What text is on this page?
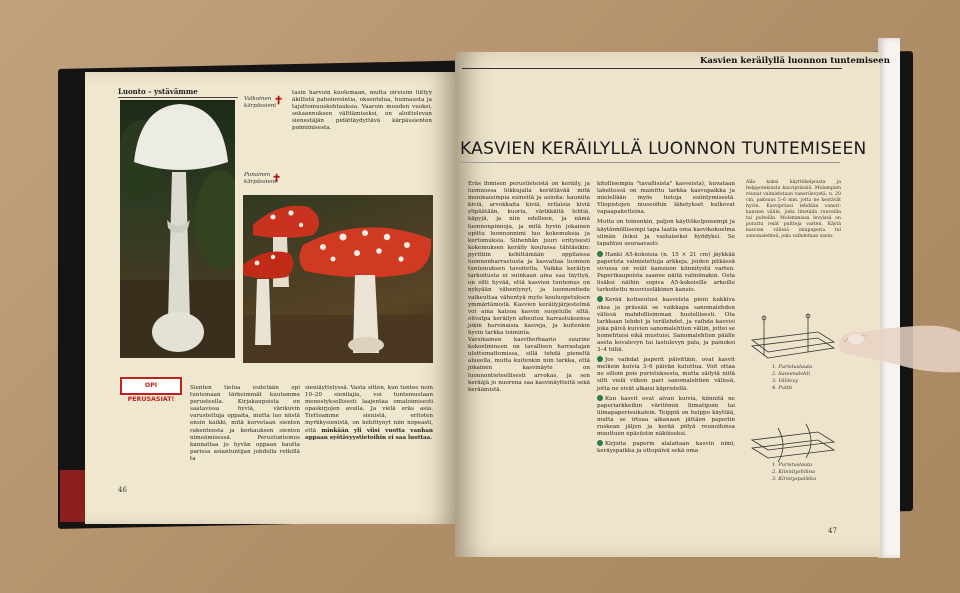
Luonto – ystävämme
Valkoinen kärpässieni
✝
tasin harvoin kuolemaan, mutta oireisiin liittyy äkillistä pahoinvointia, oksentelua, huimausta ja tajuttomuuskohtauksia. Vaaroin muuden vuoksi, sekaannuksen välttämiseksi, on aloittelevan sienestäjän pidättäydyttävä kärpässienten poimimisesta.
Punainen kärpässieni
✝
OPI PERUSASIAT!
Sienten tietoa esitetään opi tuntemaan tärkeimmät kuutamme perusteella. Kirjakaupoista on saatavissa hyviä, värikuvin varustettuja oppaita, mutta luo niistä ensin kaikki, mitä korvetaan sienten rakenteesta ja kerkauksen sienten nimeämisessä. Perustuntemus kannattaa jo hyvän oppaan kautta parissa asiantuntijan johdolla retkillä ta
sieniäyttelyssä. Vasta sitten, kun tuntee noin 10–20 sienilajia, voi tuntemustaan menestyksellisesti laajentaa omatoimisesti opaskirjojen avulla. Ja vielä eräs asia. Tiettoamme sienistä, eritoten myrkkysienistä, on kehittynyt niin nopeasti, että minkään yli viisi vuotta vanhan oppaan syötävyystietoihin ei saa luottaa.
46
Kasvien keräilyllä luonnon tuntemiseen
KASVIEN KERÄILYLLÄ LUONNON TUNTEMISEEN
Eräs ihmisen perustieteistä on keräily, ja luonnossa liikkujalla kerättävää mitä moninaisimpia esineitä ja asioita: kauniita kiviä, arvokkaita kiviä, erilaisia kiviä ylipäätään, kuoria, värikkäitä lehtiä, käpyjä, ja niin edelleen, ja nämä luonnonpinnoja, ja mitä hyvin jokainen opittu luonnonnimi luo kokemuksia ja kertomuksia. Siihenhän juuri erityisesti kokemuksen keräily koulussa tähtäsikin: pyrittiin kehittämään oppilaissa luonnonharrastusta ja kasvattaa luonnon tuntemuksen tavoitetta. Vaikka keräilyn tarkoitusta ei suinkaan aina saa täyttyä, on silti hyvää, että kasvien tuntemus on nykyään vähentynyt, ja luonnontiede vaikeuttaa vähentyä myös kouluopetuksen ymmärtämistä. Kasvien keräilyjärjestelmä voi aina katsoa kasvin suojelulle siltä, olivatpa keräilyn aiheutuu harrastuksensa jokin harvinaisia kasveja, ja kuitenkin hyvin tarkka toiminta.
Varsinainen kasviherbaario suurine kokoelmineen on tavallisen harrastajan ulottumattomissa, sillä tehdä pieneltä alueella, mutta kuitenkin niin tarkka, että jokainen kasvinäyte on luonnontieteellisesti arvokas, ja sen kerääjä jo nuorena saa kasvinäytteitä sekä keräämistä.
kitollisempia "tavallisista" kasveista), kuvataan laheltessä on mainittu tarkka kasvupaikka ja mielellään myös tietoja esiintymisestä. Yliopistojen museoihin lähetykset kulkevat vapaapaketteina.
Mutta on toinenkin, paljon käyttökelpoisempi ja käytännöllisempi tapa laatia oma kasvikokoelma silmän iloksi ja vastaiseksi hyödyksi. Se tapahtuu seuraavasti:
Hanki A5-kokoisia (n. 15 × 21 cm) jäykkää paperista valmistettuja arkkeja, joiden pitkässä sivussa on reiät kansioon kiinnitystä varten. Paperikaupoista saanee näitä valmiinakin. Osta lisäksi näihin sopiva A5-kokoisille arkeille tarkoitettu muoviseläkinen kansio.
Kerää kotiseutusi kasveista pieni kukkiva oksa ja prässää se vaikkapa sanomalehden välissä mahdollisimman huolellisesti. Ota tarkkaan lehdet ja terälehdet, ja vaihda kasvisi joka päivä kuivien sanomalehtien väliin, jottei se homehtuisi eikä mustuisi. Sanomalehtien päälle aseta kovalevyn tai lastulevyn pala, ja painoksi 3–4 tiiliä.
Jos vaihdat paperit päivittäin, ovat kasvit melkein kuivia 3–6 päivän kuluttua. Voit ottaa ne silloin pois puristuksesta, mutta säilytä niitä silti vielä viikon pari sanomalehtien välissä, jotta ne eivät alkaisi käpristellä.
Kun kasvit ovat aivan kuivia, kiinnitä ne paperiarkkeihin väritömin liimatipoin tai liimapaperisuikalein. Teippiä on helppo käyttää, mutta se irtoaa aikanaan jättäen paperiin ruskean jäljen ja kerää pölyä reunoihinsa muuttuen epäsiistin näköiseksi.
Kirjoita paperin alalaitaan kasvin nimi, keräyspaikka ja ottopäivä sekä oma
Alla kaksi käyttökelpoista ja helppotekoista kasviprässiä. Molempien reunat valmistetaan vanerilevystä, n. 20 cm, paksuus 5–6 mm, jotta ne kestävät hyvin. Kasviprässi tehdään vaneri-kansien väliin, joita liitetään ruuveilla tai pulteilla. Molemmissa levyissä on porattu reiät pultteja varten. Käytä kasvien välissä imupaperia tai sanomalehteä, joka vaihdetaan usein.
1. Puristuslauta
2. Sanomalehti
3. Välilevy
4. Pultti
1. Puristuslauta
2. Kiinnityshihna
3. Kiristyspalikka
47
